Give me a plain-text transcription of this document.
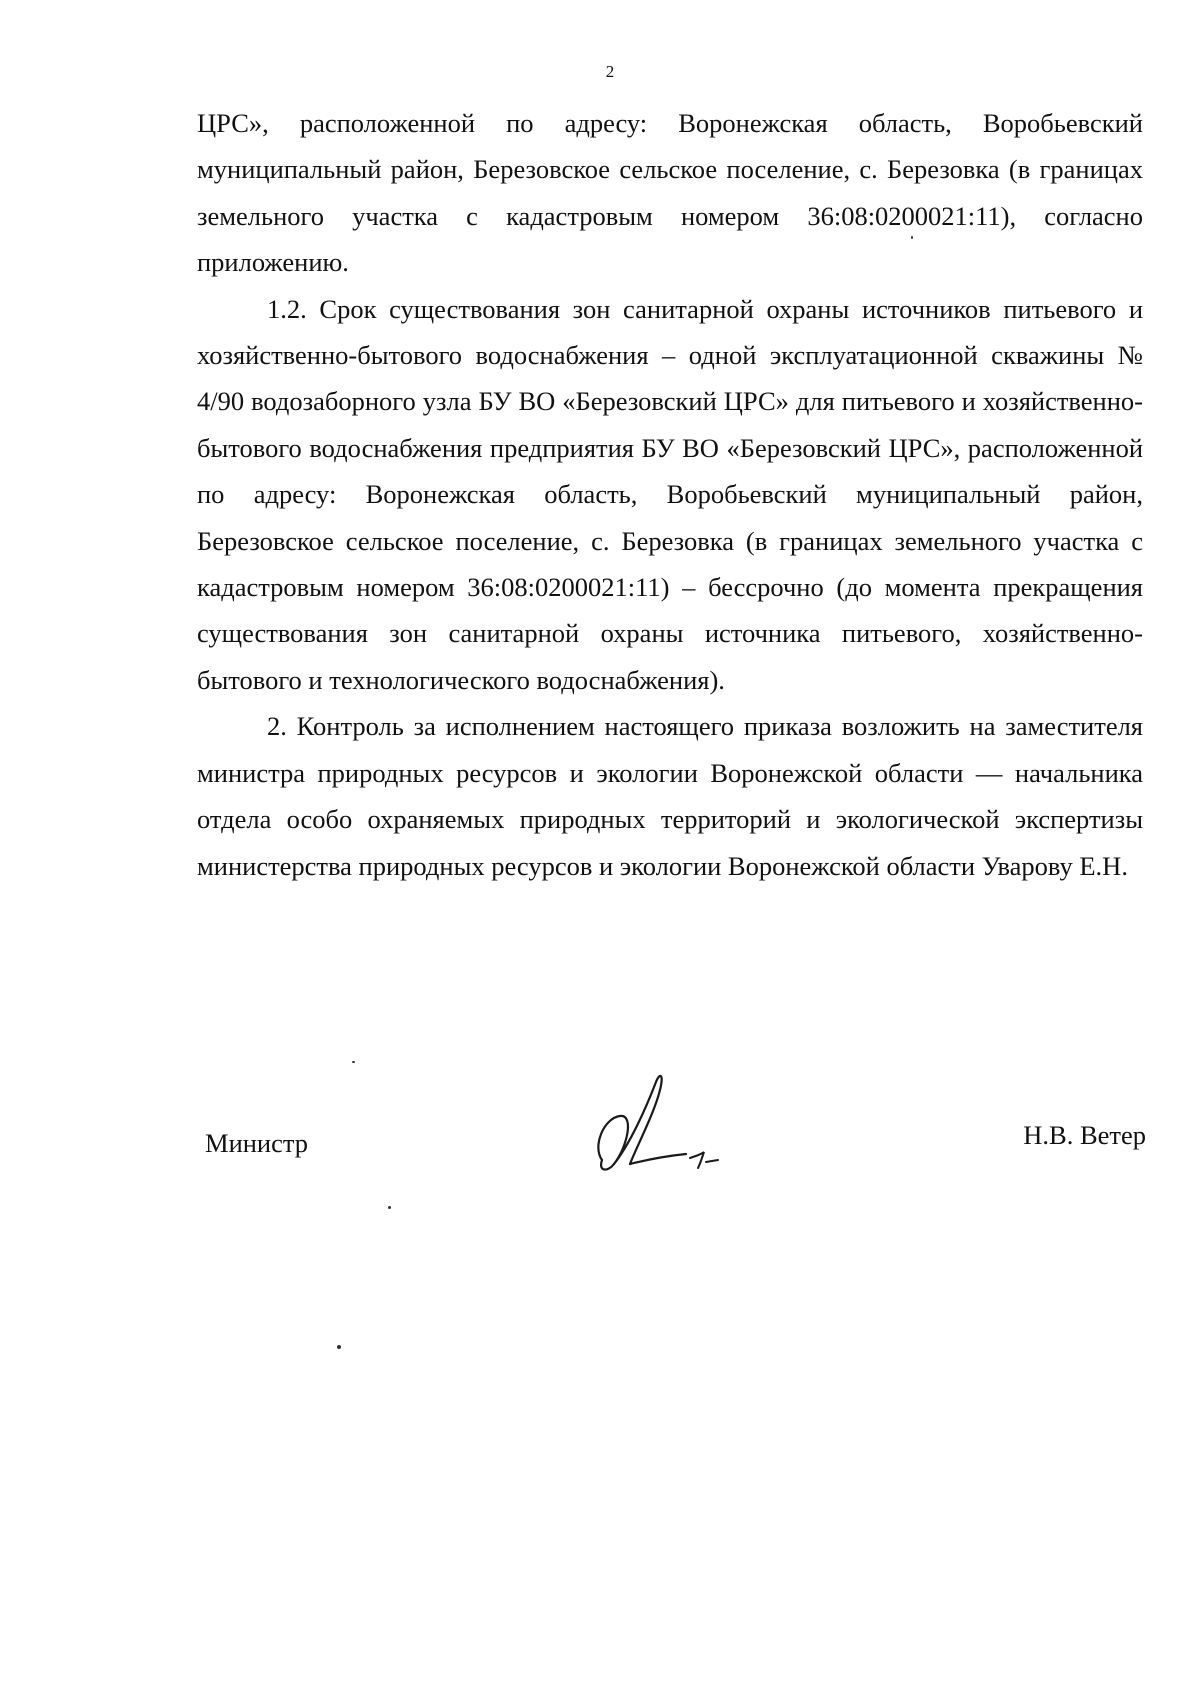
2

ЦРС», расположенной по адресу: Воронежская область, Воробьевский муниципальный район, Березовское сельское поселение, с. Березовка (в границах земельного участка с кадастровым номером 36:08:0200021:11), согласно приложению.

1.2. Срок существования зон санитарной охраны источников питьевого и хозяйственно-бытового водоснабжения – одной эксплуатационной скважины № 4/90 водозаборного узла БУ ВО «Березовский ЦРС» для питьевого и хозяйственно-бытового водоснабжения предприятия БУ ВО «Березовский ЦРС», расположенной по адресу: Воронежская область, Воробьевский муниципальный район, Березовское сельское поселение, с. Березовка (в границах земельного участка с кадастровым номером 36:08:0200021:11) – бессрочно (до момента прекращения существования зон санитарной охраны источника питьевого, хозяйственно-бытового и технологического водоснабжения).

2. Контроль за исполнением настоящего приказа возложить на заместителя министра природных ресурсов и экологии Воронежской области — начальника отдела особо охраняемых природных территорий и экологической экспертизы министерства природных ресурсов и экологии Воронежской области Уварову Е.Н.

Министр	Н.В. Ветер
